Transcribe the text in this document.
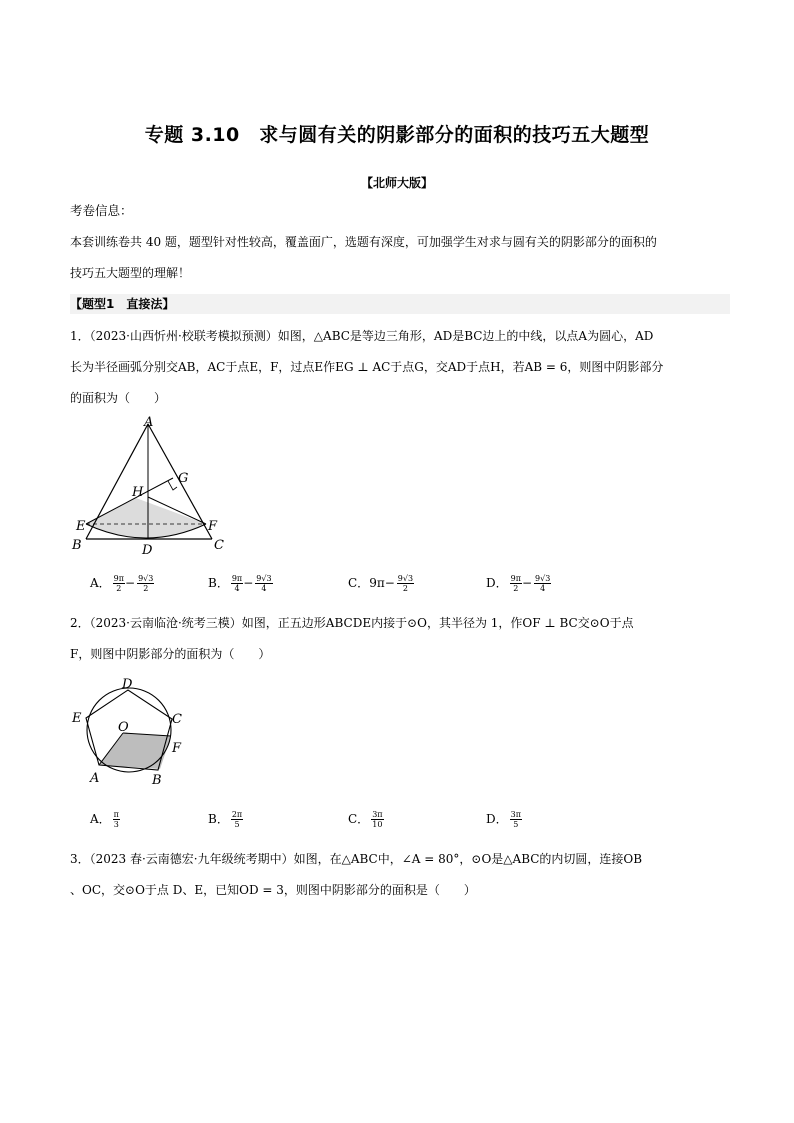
专题 3.10　求与圆有关的阴影部分的面积的技巧五大题型
【北师大版】
考卷信息：
本套训练卷共 40 题，题型针对性较高，覆盖面广，选题有深度，可加强学生对求与圆有关的阴影部分的面积的
技巧五大题型的理解！
【题型1　直接法】
1．（2023·山西忻州·校联考模拟预测）如图，△ABC是等边三角形，AD是BC边上的中线，以点A为圆心，AD
长为半径画弧分别交AB，AC于点E，F，过点E作EG ⊥ AC于点G，交AD于点H，若AB = 6，则图中阴影部分
的面积为（　　）
A
G
H
E	F
B	C
D
A． $\frac{9\pi}{2} - \frac{9√3}{2}$	B． $\frac{9\pi}{4} - \frac{9√3}{4}$	C．$9\pi- \frac{9√3}{2}$	D． $\frac{9\pi}{2} - \frac{9√3}{4}$
2．（2023·云南临沧·统考三模）如图，正五边形ABCDE内接于⊙O，其半径为 1，作OF ⊥ BC交⊙O于点
F，则图中阴影部分的面积为（　　）
D
E	C
O
F
A	B
A． $\frac{\pi}{3}$	B． $\frac{2\pi}{5}$	C． $\frac{3\pi}{10}$	D． $\frac{3\pi}{5}$
3．（2023 春·云南德宏·九年级统考期中）如图，在△ABC中，∠A = 80°，⊙O是△ABC的内切圆，连接OB
、OC，交⊙O于点 D、E，已知OD = 3，则图中阴影部分的面积是（　　）
